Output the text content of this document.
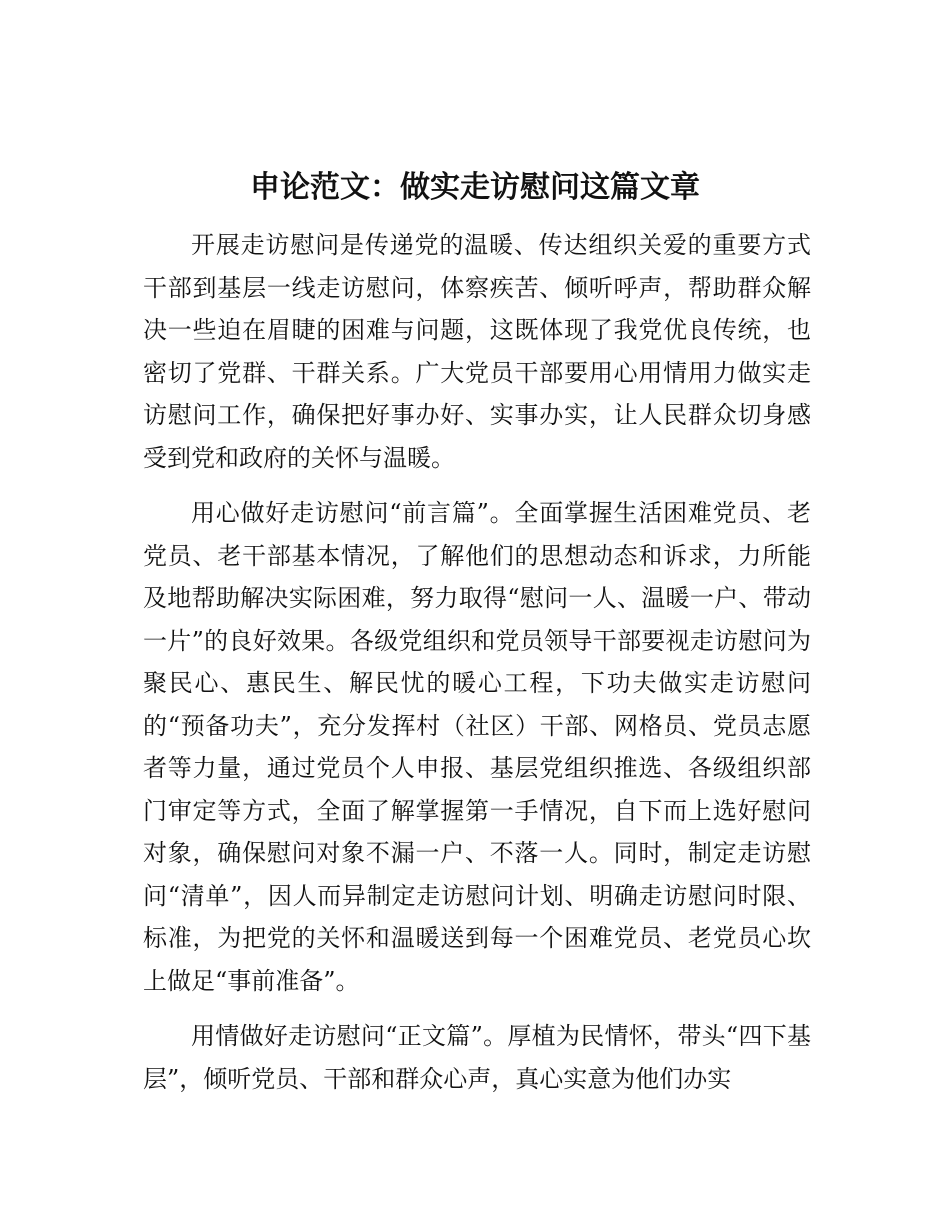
申论范文：做实走访慰问这篇文章

开展走访慰问是传递党的温暖、传达组织关爱的重要方式干部到基层一线走访慰问，体察疾苦、倾听呼声，帮助群众解决一些迫在眉睫的困难与问题，这既体现了我党优良传统，也密切了党群、干群关系。广大党员干部要用心用情用力做实走访慰问工作，确保把好事办好、实事办实，让人民群众切身感受到党和政府的关怀与温暖。

用心做好走访慰问“前言篇”。全面掌握生活困难党员、老党员、老干部基本情况，了解他们的思想动态和诉求，力所能及地帮助解决实际困难，努力取得“慰问一人、温暖一户、带动一片”的良好效果。各级党组织和党员领导干部要视走访慰问为聚民心、惠民生、解民忧的暖心工程，下功夫做实走访慰问的“预备功夫”，充分发挥村（社区）干部、网格员、党员志愿者等力量，通过党员个人申报、基层党组织推选、各级组织部门审定等方式，全面了解掌握第一手情况，自下而上选好慰问对象，确保慰问对象不漏一户、不落一人。同时，制定走访慰问“清单”，因人而异制定走访慰问计划、明确走访慰问时限、标准，为把党的关怀和温暖送到每一个困难党员、老党员心坎上做足“事前准备”。

用情做好走访慰问“正文篇”。厚植为民情怀，带头“四下基层”，倾听党员、干部和群众心声，真心实意为他们办实
